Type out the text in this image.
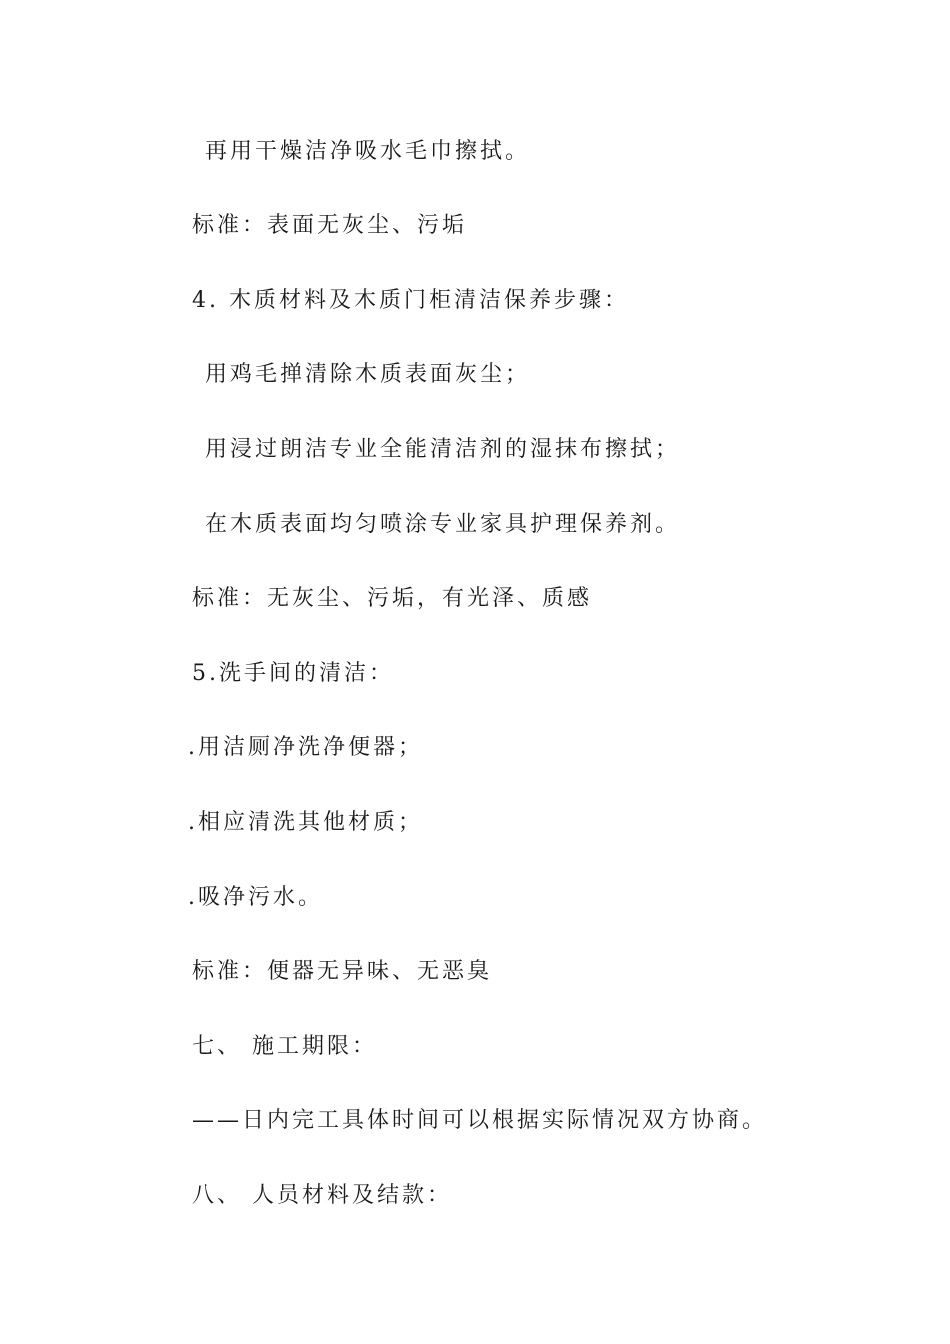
再用干燥洁净吸水毛巾擦拭。
标准：表面无灰尘、污垢
4. 木质材料及木质门柜清洁保养步骤：
用鸡毛掸清除木质表面灰尘；
用浸过朗洁专业全能清洁剂的湿抹布擦拭；
在木质表面均匀喷涂专业家具护理保养剂。
标准：无灰尘、污垢，有光泽、质感
5.洗手间的清洁：
.用洁厕净洗净便器；
.相应清洗其他材质；
.吸净污水。
标准：便器无异味、无恶臭
七、 施工期限：
——日内完工具体时间可以根据实际情况双方协商。
八、 人员材料及结款：
